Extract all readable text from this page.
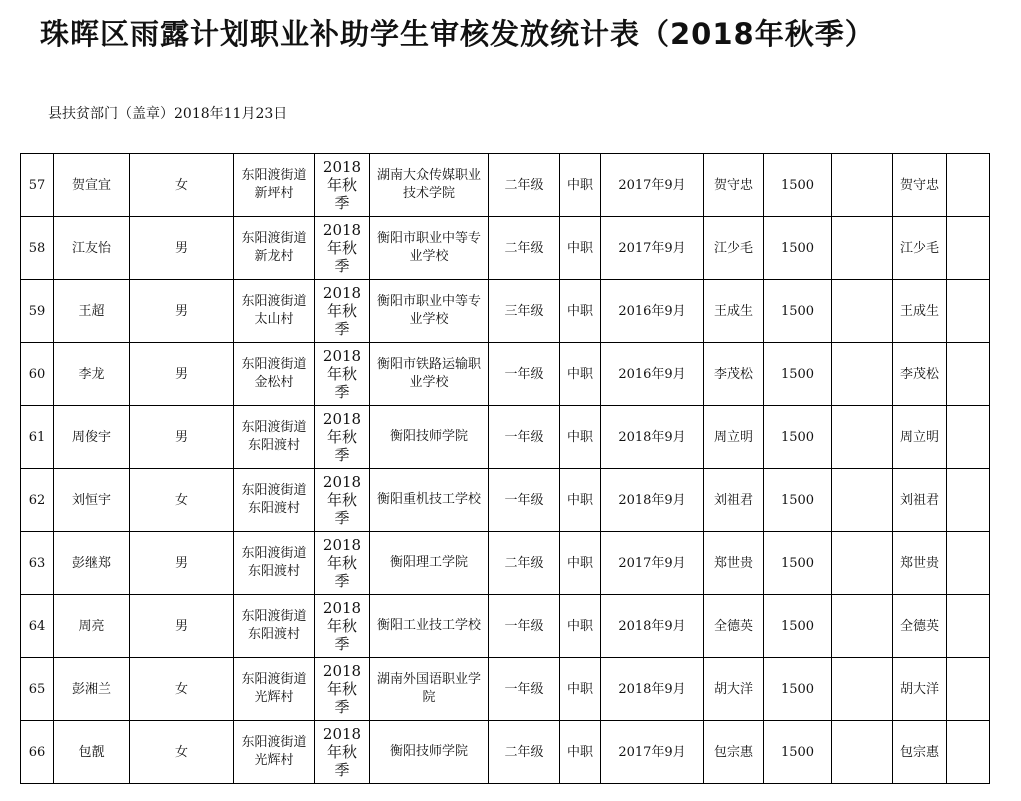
珠晖区雨露计划职业补助学生审核发放统计表（2018年秋季）
县扶贫部门（盖章）2018年11月23日
57	贺宣宜	女	东阳渡街道新坪村	2018年秋季	湖南大众传媒职业技术学院	二年级	中职	2017年9月	贺守忠	1500		贺守忠	
58	江友怡	男	东阳渡街道新龙村	2018年秋季	衡阳市职业中等专业学校	二年级	中职	2017年9月	江少毛	1500		江少毛	
59	王超	男	东阳渡街道太山村	2018年秋季	衡阳市职业中等专业学校	三年级	中职	2016年9月	王成生	1500		王成生	
60	李龙	男	东阳渡街道金松村	2018年秋季	衡阳市铁路运输职业学校	一年级	中职	2016年9月	李茂松	1500		李茂松	
61	周俊宇	男	东阳渡街道东阳渡村	2018年秋季	衡阳技师学院	一年级	中职	2018年9月	周立明	1500		周立明	
62	刘恒宇	女	东阳渡街道东阳渡村	2018年秋季	衡阳重机技工学校	一年级	中职	2018年9月	刘祖君	1500		刘祖君	
63	彭继郑	男	东阳渡街道东阳渡村	2018年秋季	衡阳理工学院	二年级	中职	2017年9月	郑世贵	1500		郑世贵	
64	周亮	男	东阳渡街道东阳渡村	2018年秋季	衡阳工业技工学校	一年级	中职	2018年9月	全德英	1500		全德英	
65	彭湘兰	女	东阳渡街道光辉村	2018年秋季	湖南外国语职业学院	一年级	中职	2018年9月	胡大洋	1500		胡大洋	
66	包靓	女	东阳渡街道光辉村	2018年秋季	衡阳技师学院	二年级	中职	2017年9月	包宗惠	1500		包宗惠	
